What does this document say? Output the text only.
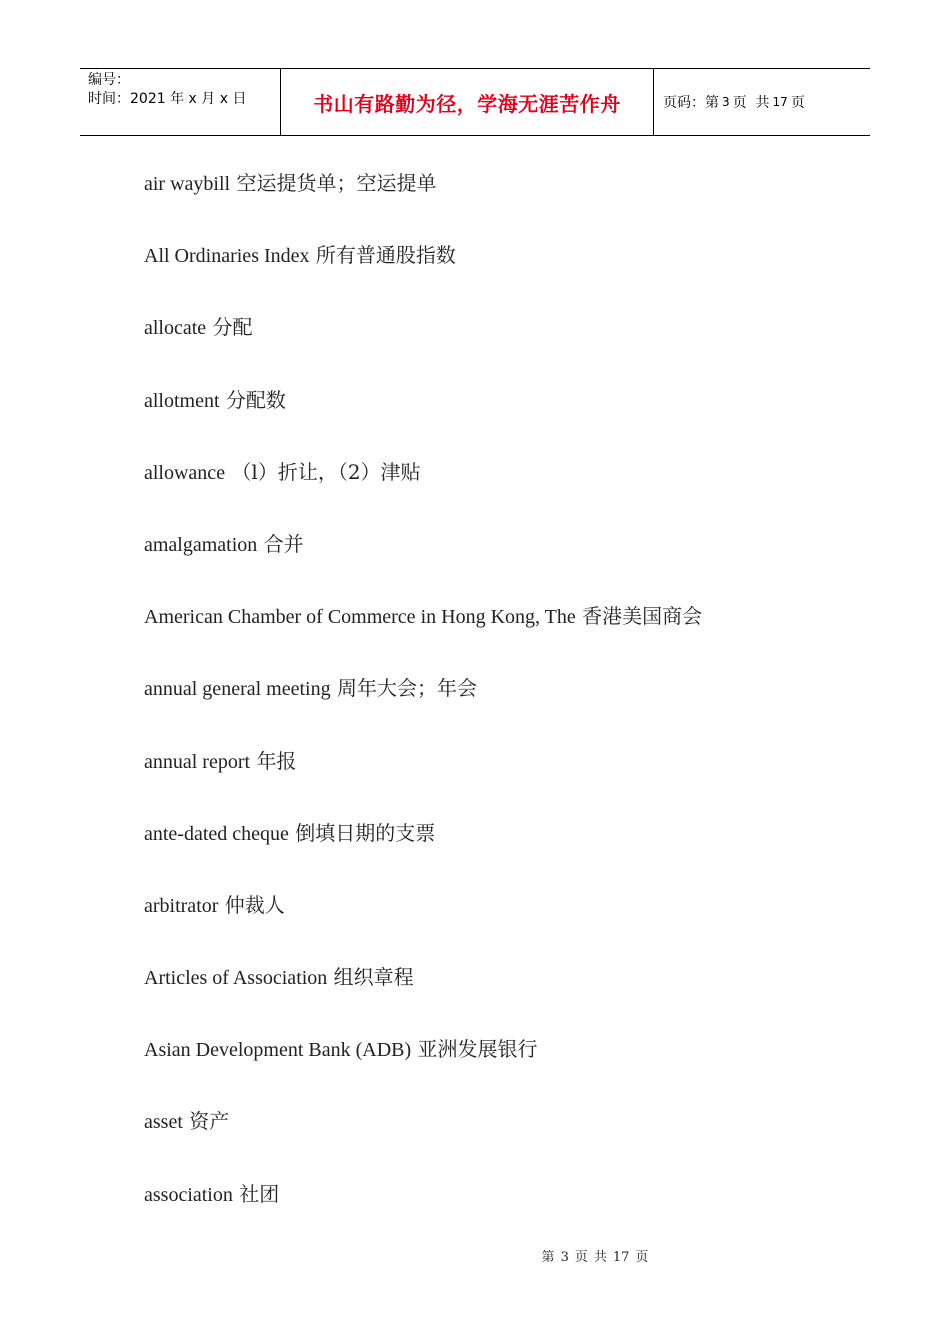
编号：
时间：2021 年 x 月 x 日	书山有路勤为径，学海无涯苦作舟	页码：第 3 页  共 17 页
air waybill 空运提货单；空运提单
All Ordinaries Index 所有普通股指数
allocate 分配
allotment 分配数
allowance （l）折让，（2）津贴
amalgamation 合并
American Chamber of Commerce in Hong Kong, The 香港美国商会
annual general meeting 周年大会；年会
annual report 年报
ante-dated cheque 倒填日期的支票
arbitrator 仲裁人
Articles of Association 组织章程
Asian Development Bank (ADB) 亚洲发展银行
asset 资产
association 社团
第 3 页 共 17 页
